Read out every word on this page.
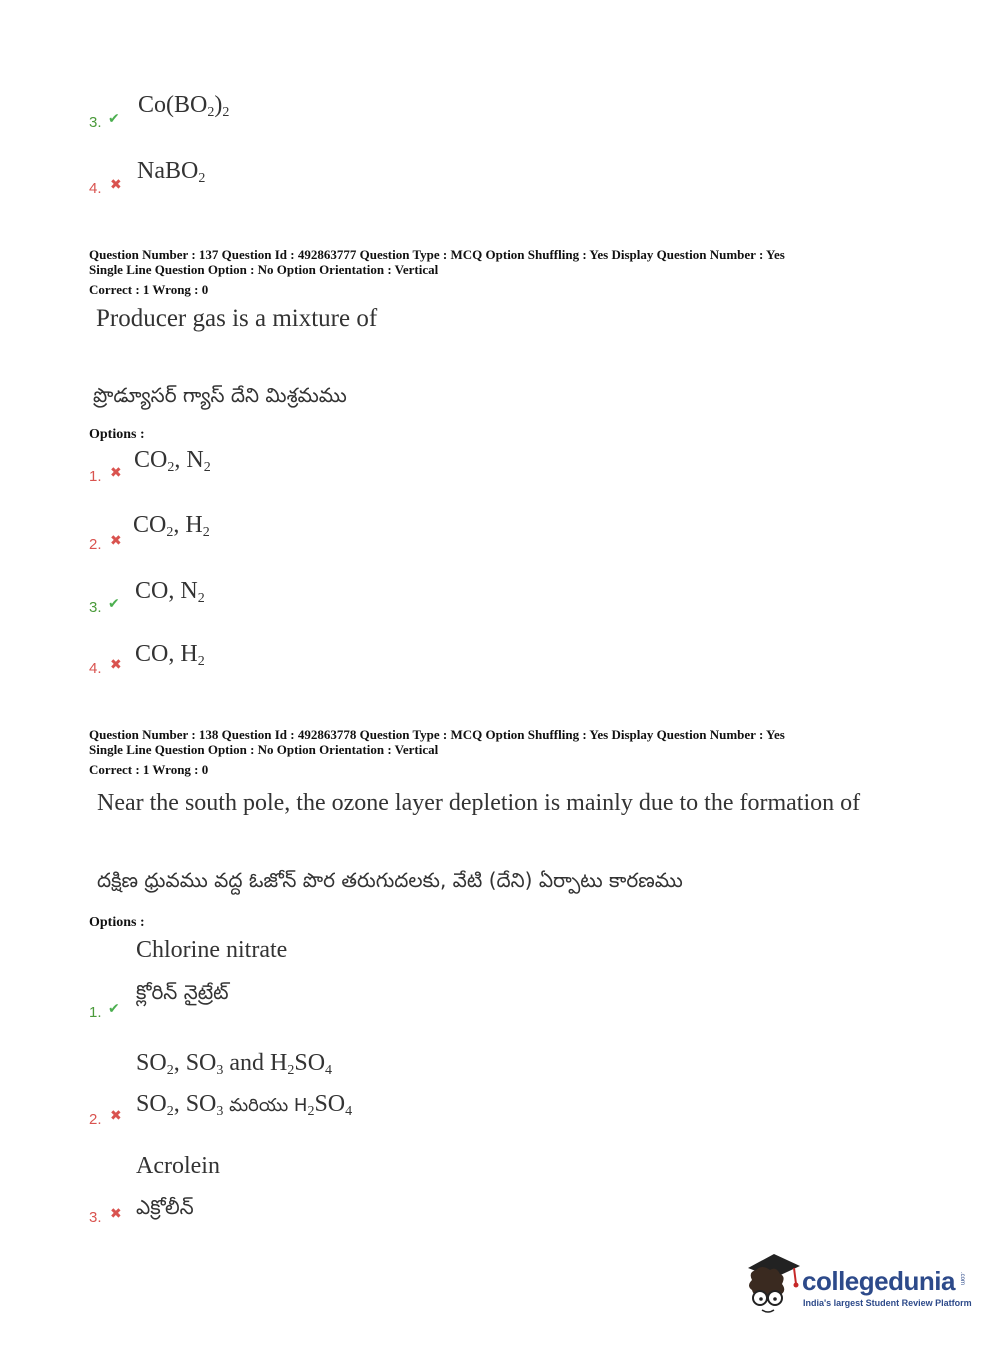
3. ✔
$Co(BO_2)_2$
4. ✖
NaBO$_2$
Question Number : 137 Question Id : 492863777 Question Type : MCQ Option Shuffling : Yes Display Question Number : Yes
Single Line Question Option : No Option Orientation : Vertical
Correct : 1 Wrong : 0
Producer gas is a mixture of
ప్రొడ్యూసర్ గ్యాస్ దేని మిశ్రమము
Options :
1. ✖ $CO_2$, $N_2$
2. ✖
$CO_2$, $H_2$
3. ✔ CO, $N_2$
4. ✖ CO, $H_2$
Question Number : 138 Question Id : 492863778 Question Type : MCQ Option Shuffling : Yes Display Question Number : Yes
Single Line Question Option : No Option Orientation : Vertical
Correct : 1 Wrong : 0
Near the south pole, the ozone layer depletion is mainly due to the formation of
దక్షిణ ధ్రువము వద్ద ఓజోన్ పొర తరుగుదలకు, వేటి (దేని) ఏర్పాటు కారణము
Options :
Chlorine nitrate
క్లోరిన్ నైట్రేట్
1. ✔
$SO_2$, $SO_3$ and $H_2SO_4$
$SO_2$, $SO_3$ మరియు $H_2SO_4$
2. ✖
Acrolein
ఎక్రోలీన్
3. ✖
collegedunia .com
India's largest Student Review Platform
